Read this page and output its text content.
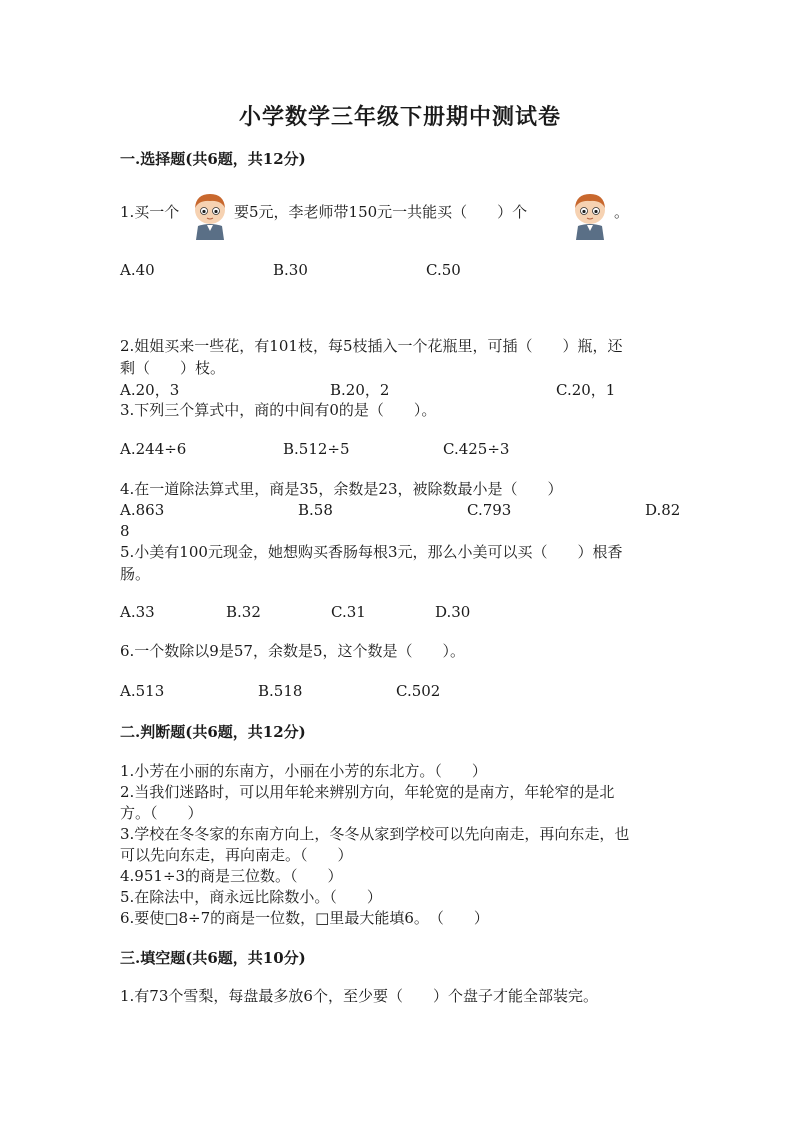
小学数学三年级下册期中测试卷
一.选择题(共6题，共12分)
1.买一个	要5元，李老师带150元一共能买（　　）个	。
A.40	B.30	C.50
2.姐姐买来一些花，有101枝，每5枝插入一个花瓶里，可插（　　）瓶，还
剩（　　）枝。
A.20，3	B.20，2	C.20，1
3.下列三个算式中，商的中间有0的是（　　）。
A.244÷6	B.512÷5	C.425÷3
4.在一道除法算式里，商是35，余数是23，被除数最小是（　　）
A.863	B.58	C.793	D.82
8
5.小美有100元现金，她想购买香肠每根3元，那么小美可以买（　　）根香
肠。
A.33	B.32	C.31	D.30
6.一个数除以9是57，余数是5，这个数是（　　）。
A.513	B.518	C.502
二.判断题(共6题，共12分)
1.小芳在小丽的东南方，小丽在小芳的东北方。（　　）
2.当我们迷路时，可以用年轮来辨别方向，年轮宽的是南方，年轮窄的是北
方。（　　）
3.学校在冬冬家的东南方向上，冬冬从家到学校可以先向南走，再向东走，也
可以先向东走，再向南走。（　　）
4.951÷3的商是三位数。（　　）
5.在除法中，商永远比除数小。（　　）
6.要使□8÷7的商是一位数，□里最大能填6。　（　　）
三.填空题(共6题，共10分)
1.有73个雪梨，每盘最多放6个，至少要（　　）个盘子才能全部装完。
